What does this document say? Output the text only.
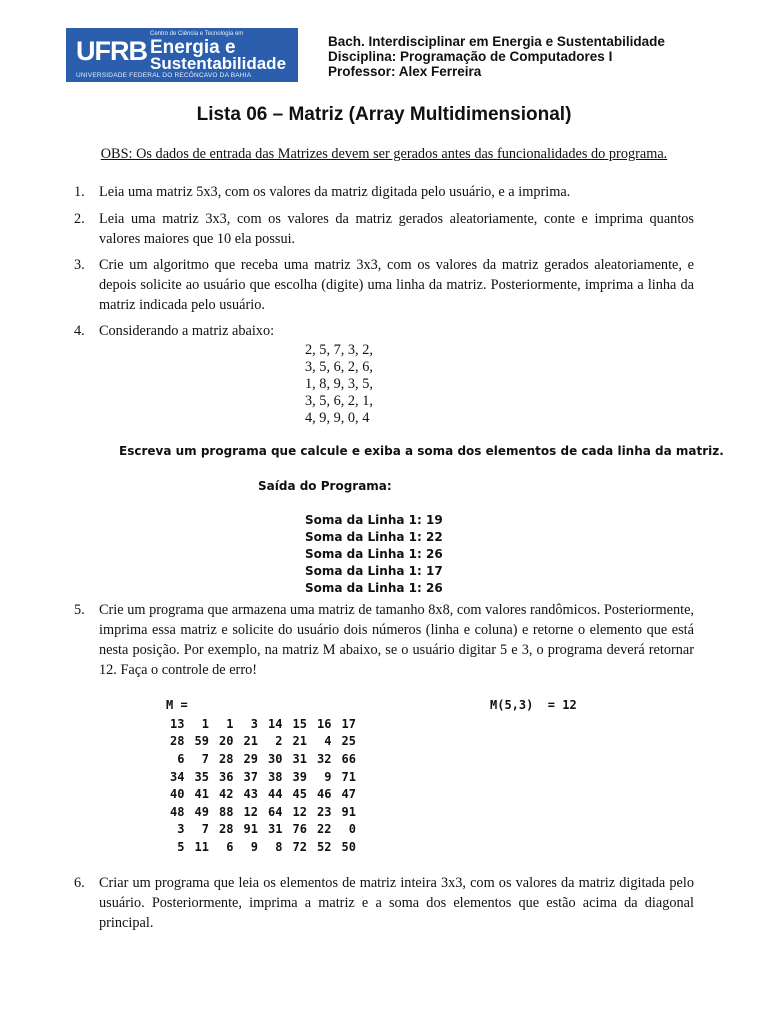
UFRB
Centro de Ciência e Tecnologia em
Energia e
Sustentabilidade
UNIVERSIDADE FEDERAL DO RECÔNCAVO DA BAHIA
Bach. Interdisciplinar em Energia e Sustentabilidade
Disciplina: Programação de Computadores I
Professor: Alex Ferreira
Lista 06 – Matriz (Array Multidimensional)
OBS: Os dados de entrada das Matrizes devem ser gerados antes das funcionalidades do programa.
1. Leia uma matriz 5x3, com os valores da matriz digitada pelo usuário, e a imprima.
2. Leia uma matriz 3x3, com os valores da matriz gerados aleatoriamente, conte e imprima quantos valores maiores que 10 ela possui.
3. Crie um algoritmo que receba uma matriz 3x3, com os valores da matriz gerados aleatoriamente, e depois solicite ao usuário que escolha (digite) uma linha da matriz. Posteriormente, imprima a linha da matriz indicada pelo usuário.
4. Considerando a matriz abaixo:
2, 5, 7, 3, 2,
3, 5, 6, 2, 6,
1, 8, 9, 3, 5,
3, 5, 6, 2, 1,
4, 9, 9, 0, 4
Escreva um programa que calcule e exiba a soma dos elementos de cada linha da matriz.
Saída do Programa:
Soma da Linha 1: 19
Soma da Linha 1: 22
Soma da Linha 1: 26
Soma da Linha 1: 17
Soma da Linha 1: 26
5. Crie um programa que armazena uma matriz de tamanho 8x8, com valores randômicos. Posteriormente, imprima essa matriz e solicite do usuário dois números (linha e coluna) e retorne o elemento que está nesta posição. Por exemplo, na matriz M abaixo, se o usuário digitar 5 e 3, o programa deverá retornar 12. Faça o controle de erro!
M =	M(5,3)  = 12
13	1	1	3	14	15	16	17
28	59	20	21	2	21	4	25
6	7	28	29	30	31	32	66
34	35	36	37	38	39	9	71
40	41	42	43	44	45	46	47
48	49	88	12	64	12	23	91
3	7	28	91	31	76	22	0
5	11	6	9	8	72	52	50
6. Criar um programa que leia os elementos de matriz inteira 3x3, com os valores da matriz digitada pelo usuário. Posteriormente, imprima a matriz e a soma dos elementos que estão acima da diagonal principal.
